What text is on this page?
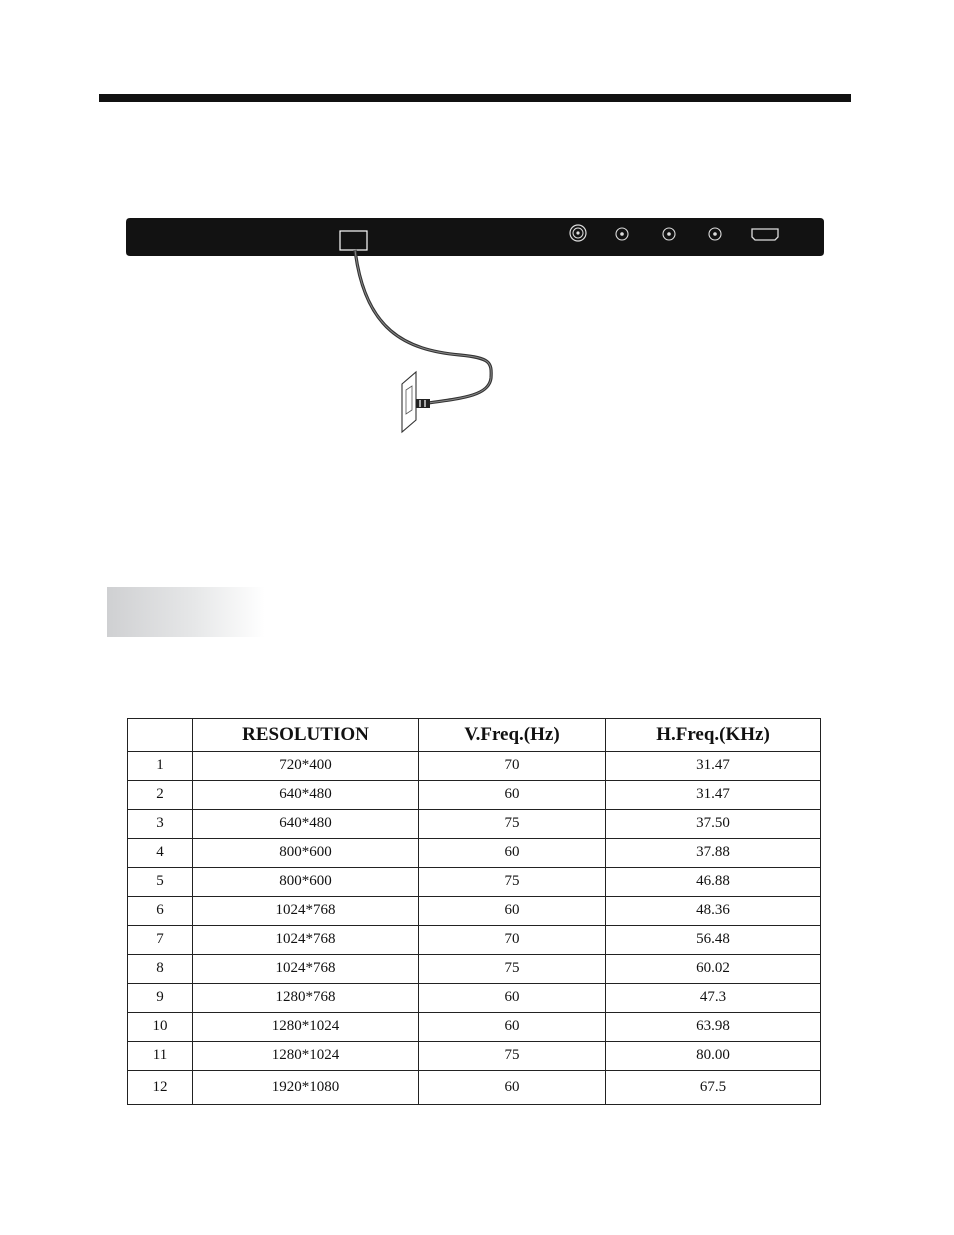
	RESOLUTION	V.Freq.(Hz)	H.Freq.(KHz)
1	720*400	70	31.47
2	640*480	60	31.47
3	640*480	75	37.50
4	800*600	60	37.88
5	800*600	75	46.88
6	1024*768	60	48.36
7	1024*768	70	56.48
8	1024*768	75	60.02
9	1280*768	60	47.3
10	1280*1024	60	63.98
11	1280*1024	75	80.00
12	1920*1080	60	67.5
